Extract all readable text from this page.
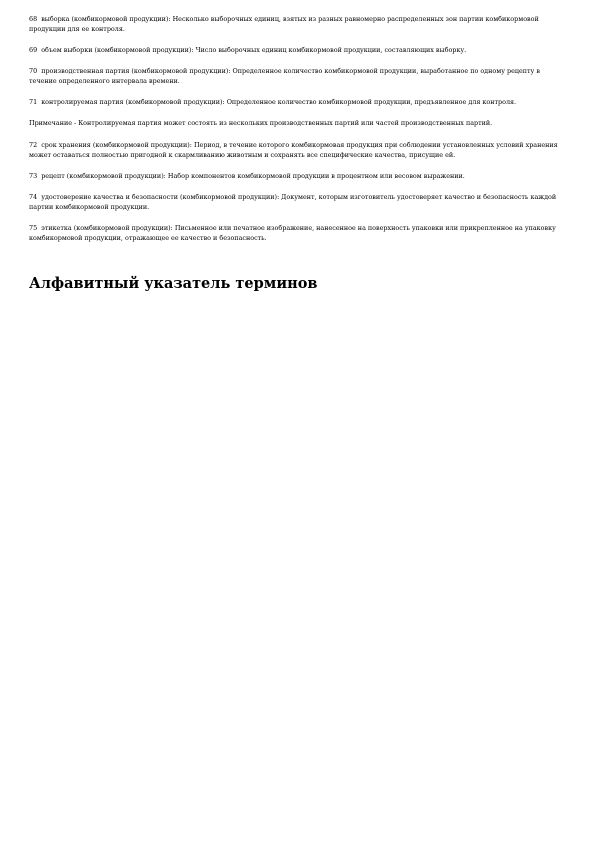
68 выборка (комбикормовой продукции): Несколько выборочных единиц, взятых из разных равномерно распределенных зон партии комбикормовой продукции для ее контроля.

69 объем выборки (комбикормовой продукции): Число выборочных единиц комбикормовой продукции, составляющих выборку.

70 производственная партия (комбикормовой продукции): Определенное количество комбикормовой продукции, выработанное по одному рецепту в течение определенного интервала времени.

71 контролируемая партия (комбикормовой продукции): Определенное количество комбикормовой продукции, предъявленное для контроля.

Примечание - Контролируемая партия может состоять из нескольких производственных партий или частей производственных партий.

72 срок хранения (комбикормовой продукции): Период, в течение которого комбикормовая продукция при соблюдении установленных условий хранения может оставаться полностью пригодной к скармливанию животным и сохранять все специфические качества, присущие ей.

73 рецепт (комбикормовой продукции): Набор компонентов комбикормовой продукции в процентном или весовом выражении.

74 удостоверение качества и безопасности (комбикормовой продукции): Документ, которым изготовитель удостоверяет качество и безопасность каждой партии комбикормовой продукции.

75 этикетка (комбикормовой продукции): Письменное или печатное изображение, нанесенное на поверхность упаковки или прикрепленное на упаковку комбикормовой продукции, отражающее ее качество и безопасность.

Алфавитный указатель терминов
